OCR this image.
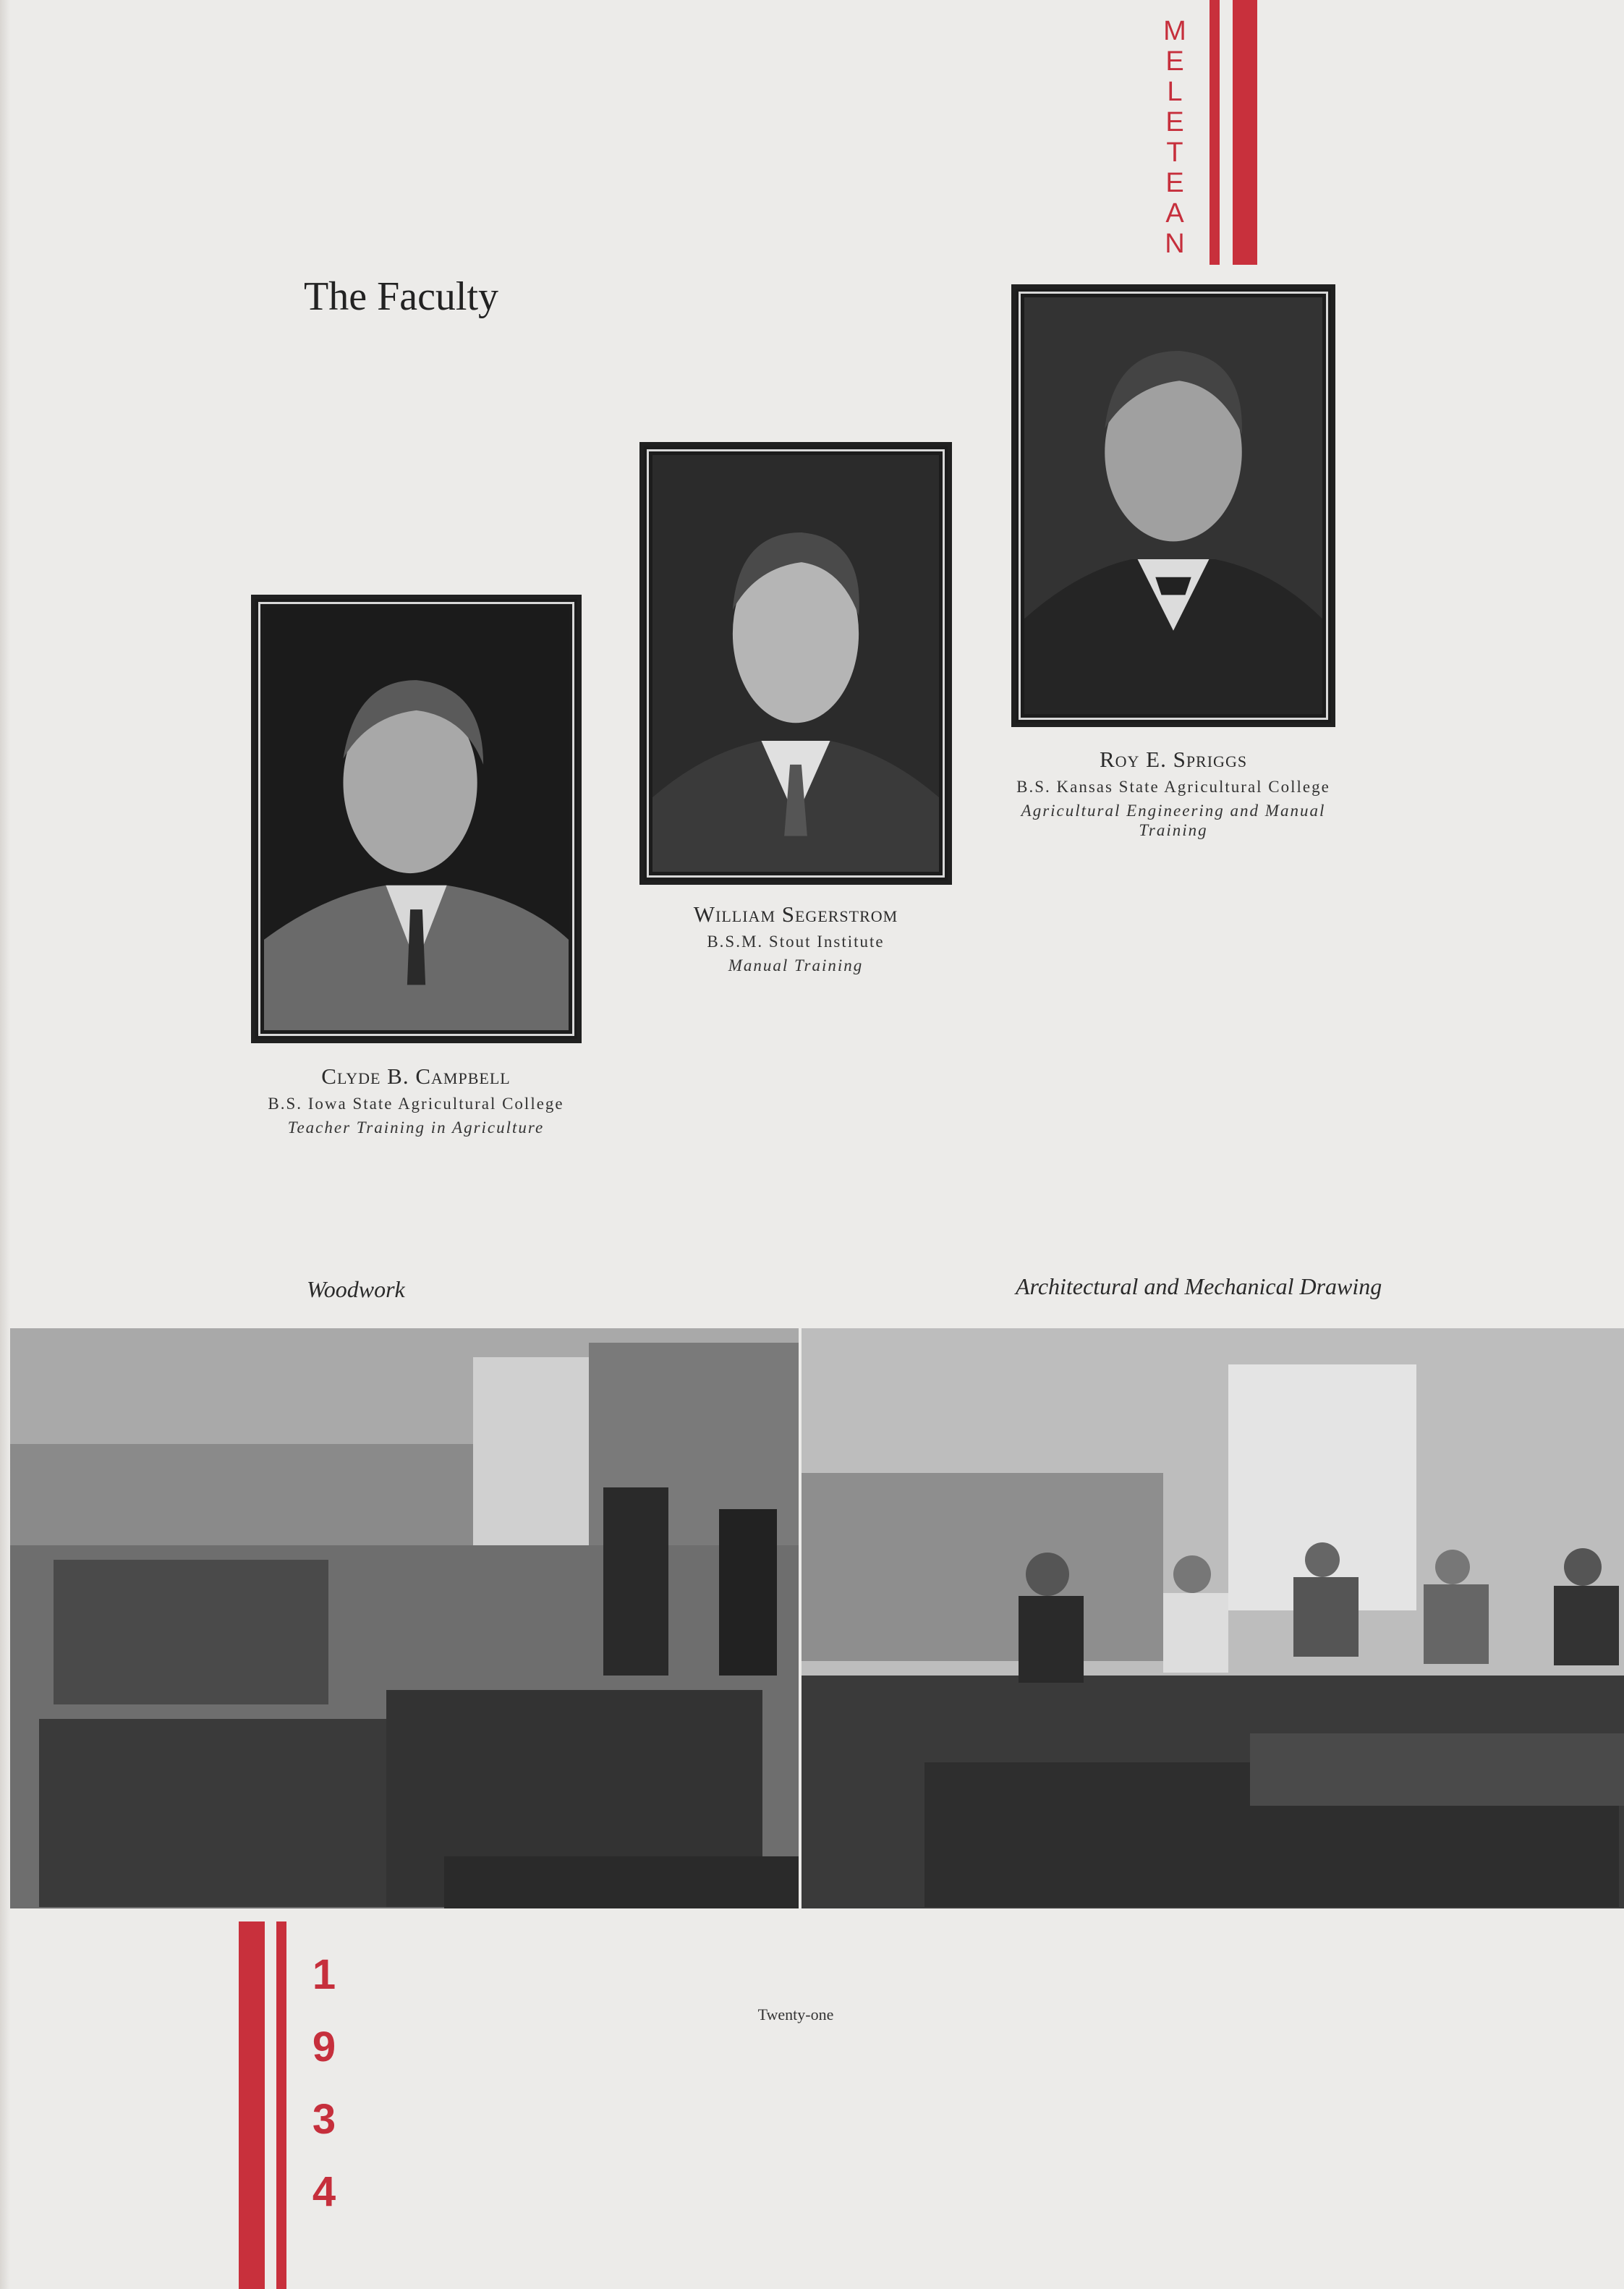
M
E
L
E
T
E
A
N
The Faculty
Clyde B. Campbell
B.S. Iowa State Agricultural College
Teacher Training in Agriculture
William Segerstrom
B.S.M. Stout Institute
Manual Training
Roy E. Spriggs
B.S. Kansas State Agricultural College
Agricultural Engineering and Manual Training
Woodwork	Architectural and Mechanical Drawing
1
9
3
4
Twenty-one
